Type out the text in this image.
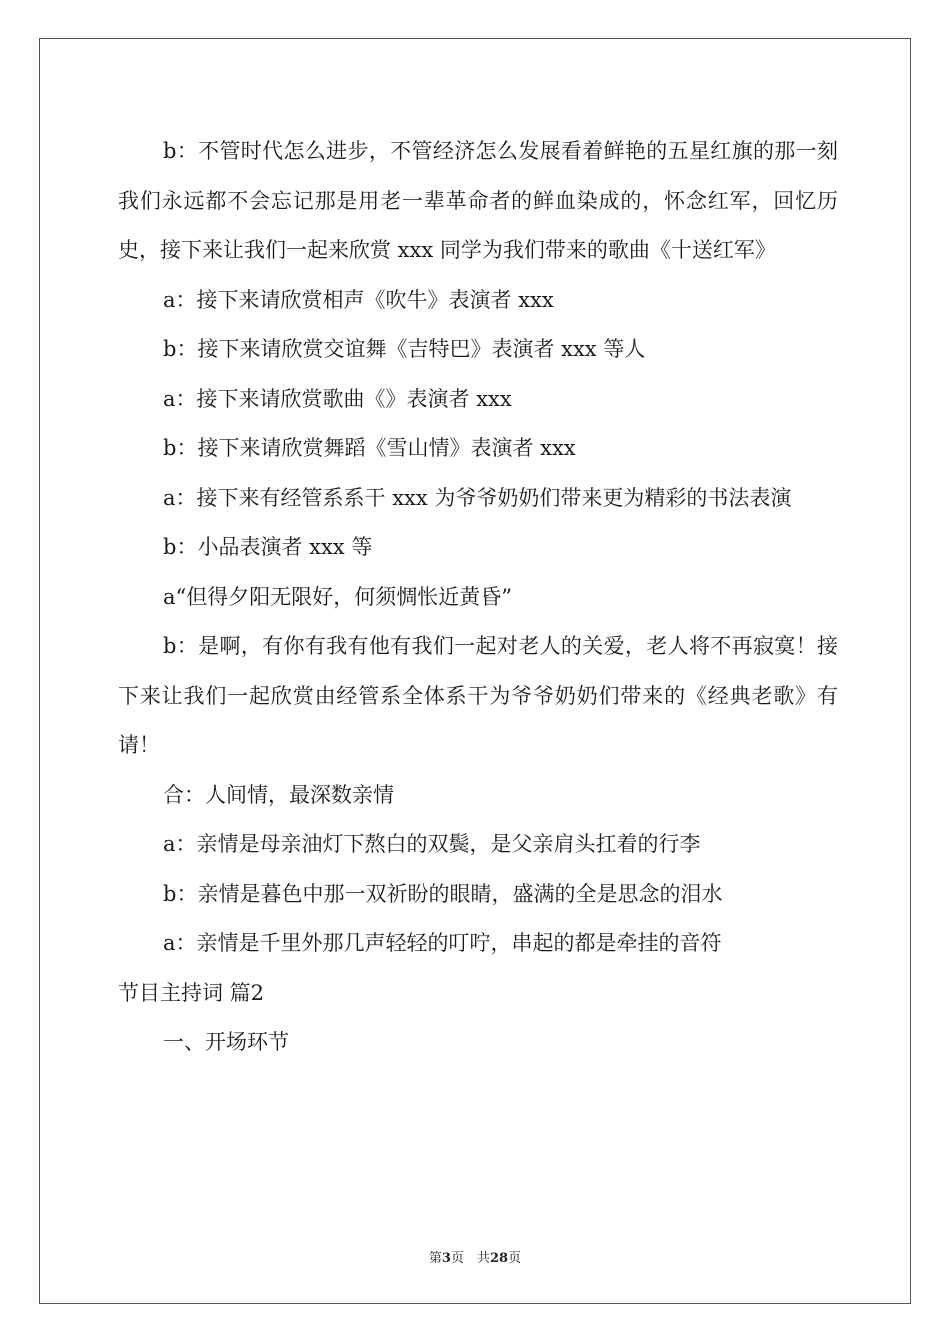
b：不管时代怎么进步，不管经济怎么发展看着鲜艳的五星红旗的那一刻我们永远都不会忘记那是用老一辈革命者的鲜血染成的，怀念红军，回忆历史，接下来让我们一起来欣赏 xxx 同学为我们带来的歌曲《十送红军》

a：接下来请欣赏相声《吹牛》表演者 xxx

b：接下来请欣赏交谊舞《吉特巴》表演者 xxx 等人

a：接下来请欣赏歌曲《》表演者 xxx

b：接下来请欣赏舞蹈《雪山情》表演者 xxx

a：接下来有经管系系干 xxx 为爷爷奶奶们带来更为精彩的书法表演

b：小品表演者 xxx 等

a“但得夕阳无限好，何须惆怅近黄昏”

b：是啊，有你有我有他有我们一起对老人的关爱，老人将不再寂寞！接下来让我们一起欣赏由经管系全体系干为爷爷奶奶们带来的《经典老歌》有请！

合：人间情，最深数亲情

a：亲情是母亲油灯下熬白的双鬓，是父亲肩头扛着的行李

b：亲情是暮色中那一双祈盼的眼睛，盛满的全是思念的泪水

a：亲情是千里外那几声轻轻的叮咛，串起的都是牵挂的音符

节目主持词 篇2

一、开场环节

第3页　共28页
